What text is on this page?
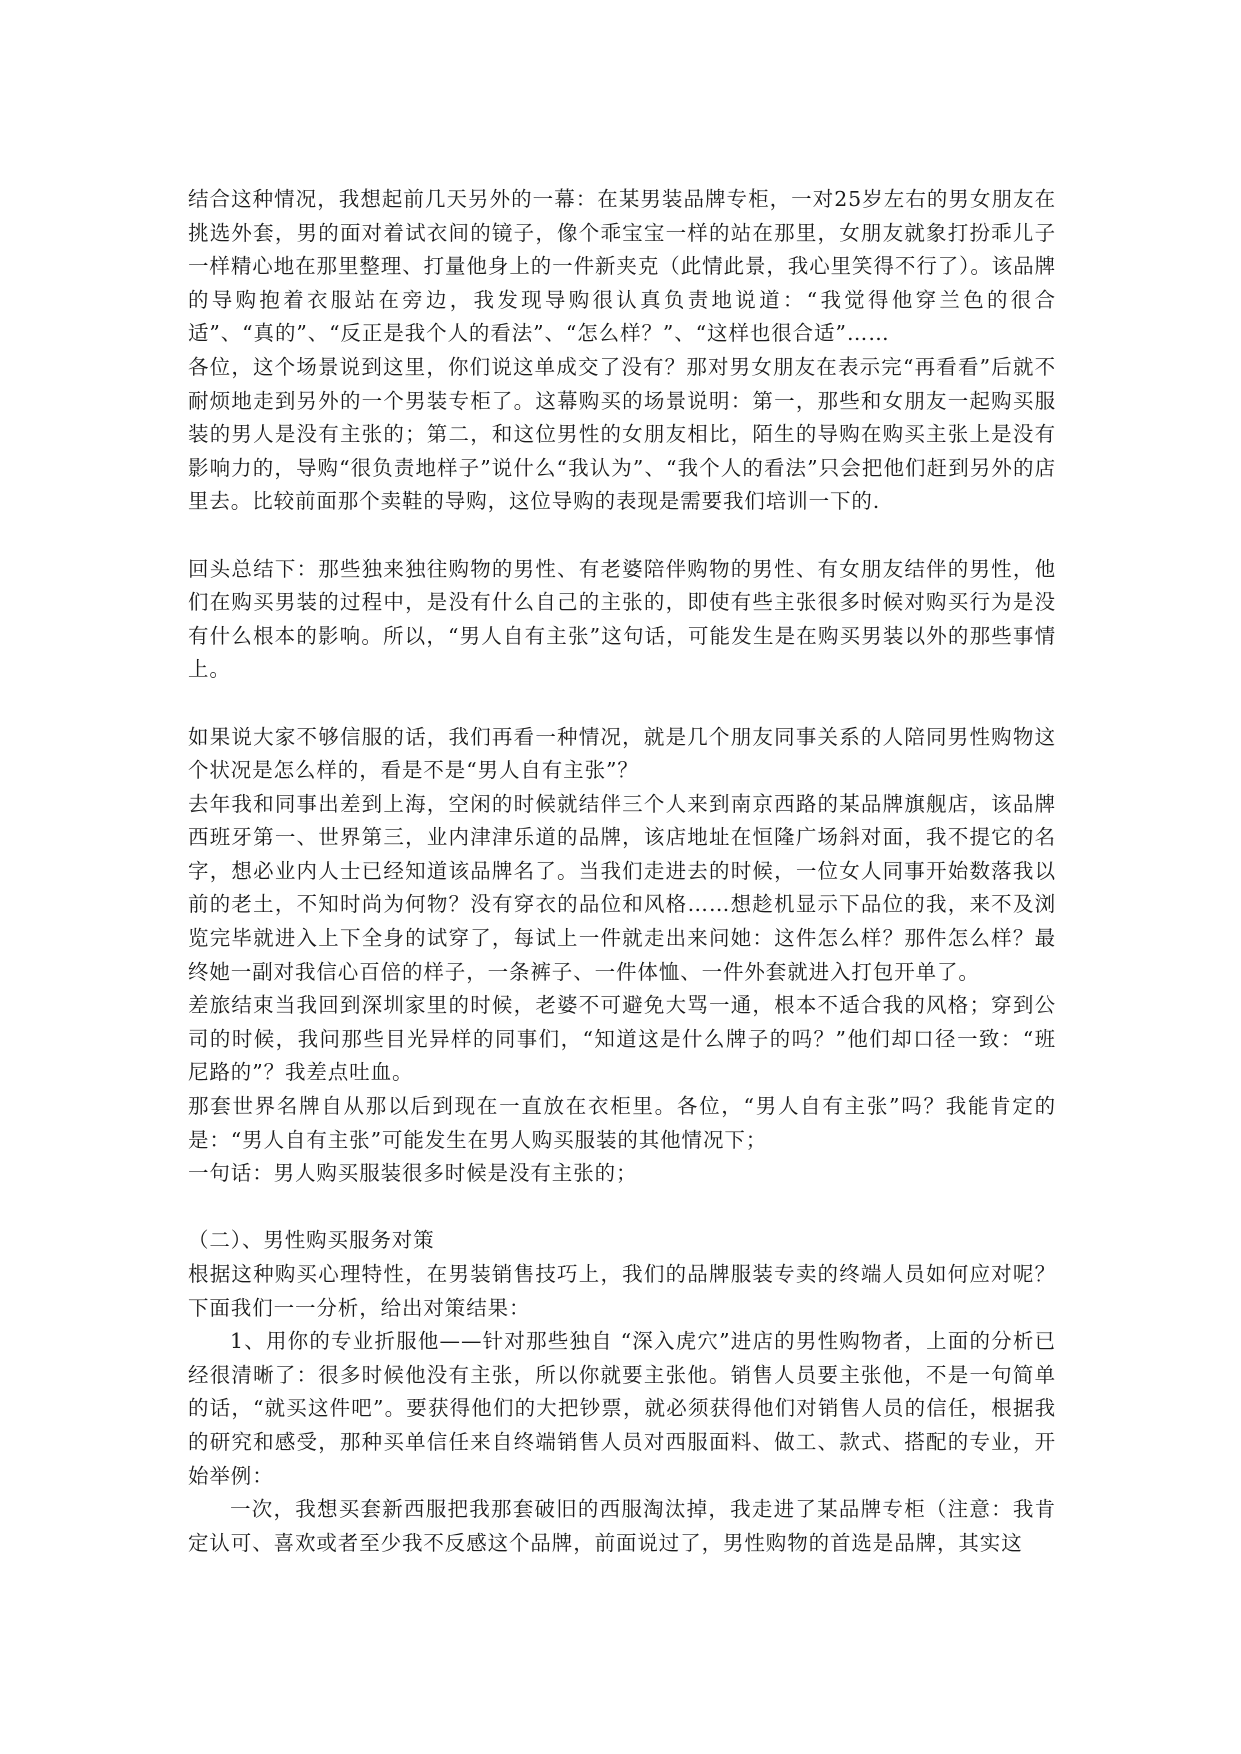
结合这种情况，我想起前几天另外的一幕：在某男装品牌专柜，一对25岁左右的男女朋友在挑选外套，男的面对着试衣间的镜子，像个乖宝宝一样的站在那里，女朋友就象打扮乖儿子一样精心地在那里整理、打量他身上的一件新夹克（此情此景，我心里笑得不行了）。该品牌的导购抱着衣服站在旁边，我发现导购很认真负责地说道：“我觉得他穿兰色的很合适”、“真的”、“反正是我个人的看法”、“怎么样？”、“这样也很合适”……

各位，这个场景说到这里，你们说这单成交了没有？那对男女朋友在表示完“再看看”后就不耐烦地走到另外的一个男装专柜了。这幕购买的场景说明：第一，那些和女朋友一起购买服装的男人是没有主张的；第二，和这位男性的女朋友相比，陌生的导购在购买主张上是没有影响力的，导购“很负责地样子”说什么“我认为”、“我个人的看法”只会把他们赶到另外的店里去。比较前面那个卖鞋的导购，这位导购的表现是需要我们培训一下的.

回头总结下：那些独来独往购物的男性、有老婆陪伴购物的男性、有女朋友结伴的男性，他们在购买男装的过程中，是没有什么自己的主张的，即使有些主张很多时候对购买行为是没有什么根本的影响。所以，“男人自有主张”这句话，可能发生是在购买男装以外的那些事情上。

如果说大家不够信服的话，我们再看一种情况，就是几个朋友同事关系的人陪同男性购物这个状况是怎么样的，看是不是“男人自有主张”？

去年我和同事出差到上海，空闲的时候就结伴三个人来到南京西路的某品牌旗舰店，该品牌西班牙第一、世界第三，业内津津乐道的品牌，该店地址在恒隆广场斜对面，我不提它的名字，想必业内人士已经知道该品牌名了。当我们走进去的时候，一位女人同事开始数落我以前的老土，不知时尚为何物？没有穿衣的品位和风格……想趁机显示下品位的我，来不及浏览完毕就进入上下全身的试穿了，每试上一件就走出来问她：这件怎么样？那件怎么样？最终她一副对我信心百倍的样子，一条裤子、一件体恤、一件外套就进入打包开单了。

差旅结束当我回到深圳家里的时候，老婆不可避免大骂一通，根本不适合我的风格；穿到公司的时候，我问那些目光异样的同事们，“知道这是什么牌子的吗？”他们却口径一致：“班尼路的”？我差点吐血。

那套世界名牌自从那以后到现在一直放在衣柜里。各位，“男人自有主张”吗？我能肯定的是：“男人自有主张”可能发生在男人购买服装的其他情况下；

一句话：男人购买服装很多时候是没有主张的；

（二）、男性购买服务对策

根据这种购买心理特性，在男装销售技巧上，我们的品牌服装专卖的终端人员如何应对呢？下面我们一一分析，给出对策结果：

1、用你的专业折服他——针对那些独自 “深入虎穴”进店的男性购物者，上面的分析已经很清晰了：很多时候他没有主张，所以你就要主张他。销售人员要主张他，不是一句简单的话，“就买这件吧”。要获得他们的大把钞票，就必须获得他们对销售人员的信任，根据我的研究和感受，那种买单信任来自终端销售人员对西服面料、做工、款式、搭配的专业，开始举例：

一次，我想买套新西服把我那套破旧的西服淘汰掉，我走进了某品牌专柜（注意：我肯定认可、喜欢或者至少我不反感这个品牌，前面说过了，男性购物的首选是品牌，其实这
